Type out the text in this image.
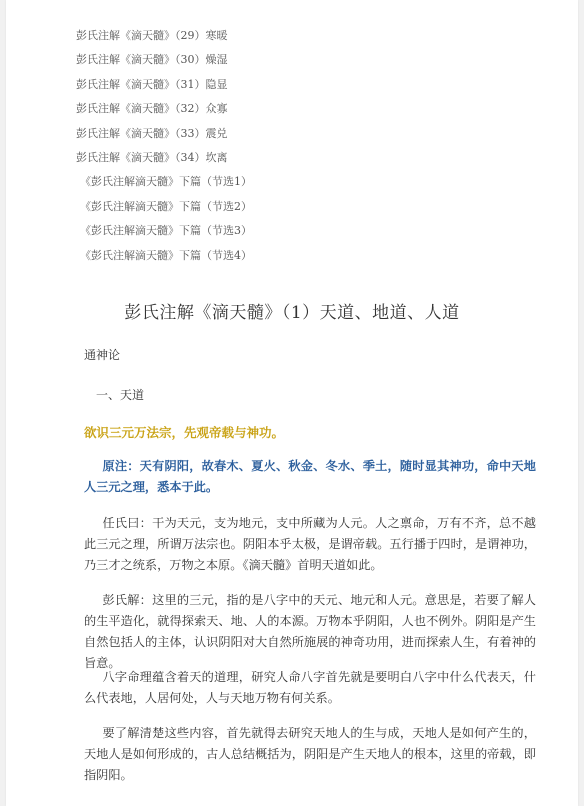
彭氏注解《滴天髓》（29）寒暖
彭氏注解《滴天髓》（30）燥湿
彭氏注解《滴天髓》（31）隐显
彭氏注解《滴天髓》（32）众寡
彭氏注解《滴天髓》（33）震兑
彭氏注解《滴天髓》（34）坎离
《彭氏注解滴天髓》下篇（节选1）
《彭氏注解滴天髓》下篇（节选2）
《彭氏注解滴天髓》下篇（节选3）
《彭氏注解滴天髓》下篇（节选4）
彭氏注解《滴天髓》（1）天道、地道、人道
通神论
一、天道
欲识三元万法宗，先观帝载与神功。
原注：天有阴阳，故春木、夏火、秋金、冬水、季土，随时显其神功，命中天地人三元之理，悉本于此。
任氏曰：干为天元，支为地元，支中所藏为人元。人之禀命，万有不齐，总不越此三元之理，所谓万法宗也。阴阳本乎太极，是谓帝载。五行播于四时，是谓神功，乃三才之统系，万物之本原。《滴天髓》首明天道如此。
彭氏解：这里的三元，指的是八字中的天元、地元和人元。意思是，若要了解人的生平造化，就得探索天、地、人的本源。万物本乎阴阳，人也不例外。阴阳是产生自然包括人的主体，认识阴阳对大自然所施展的神奇功用，进而探索人生，有着神的旨意。
八字命理蕴含着天的道理，研究人命八字首先就是要明白八字中什么代表天，什么代表地，人居何处，人与天地万物有何关系。
要了解清楚这些内容，首先就得去研究天地人的生与成，天地人是如何产生的，天地人是如何形成的，古人总结概括为，阴阳是产生天地人的根本，这里的帝载，即指阴阳。
